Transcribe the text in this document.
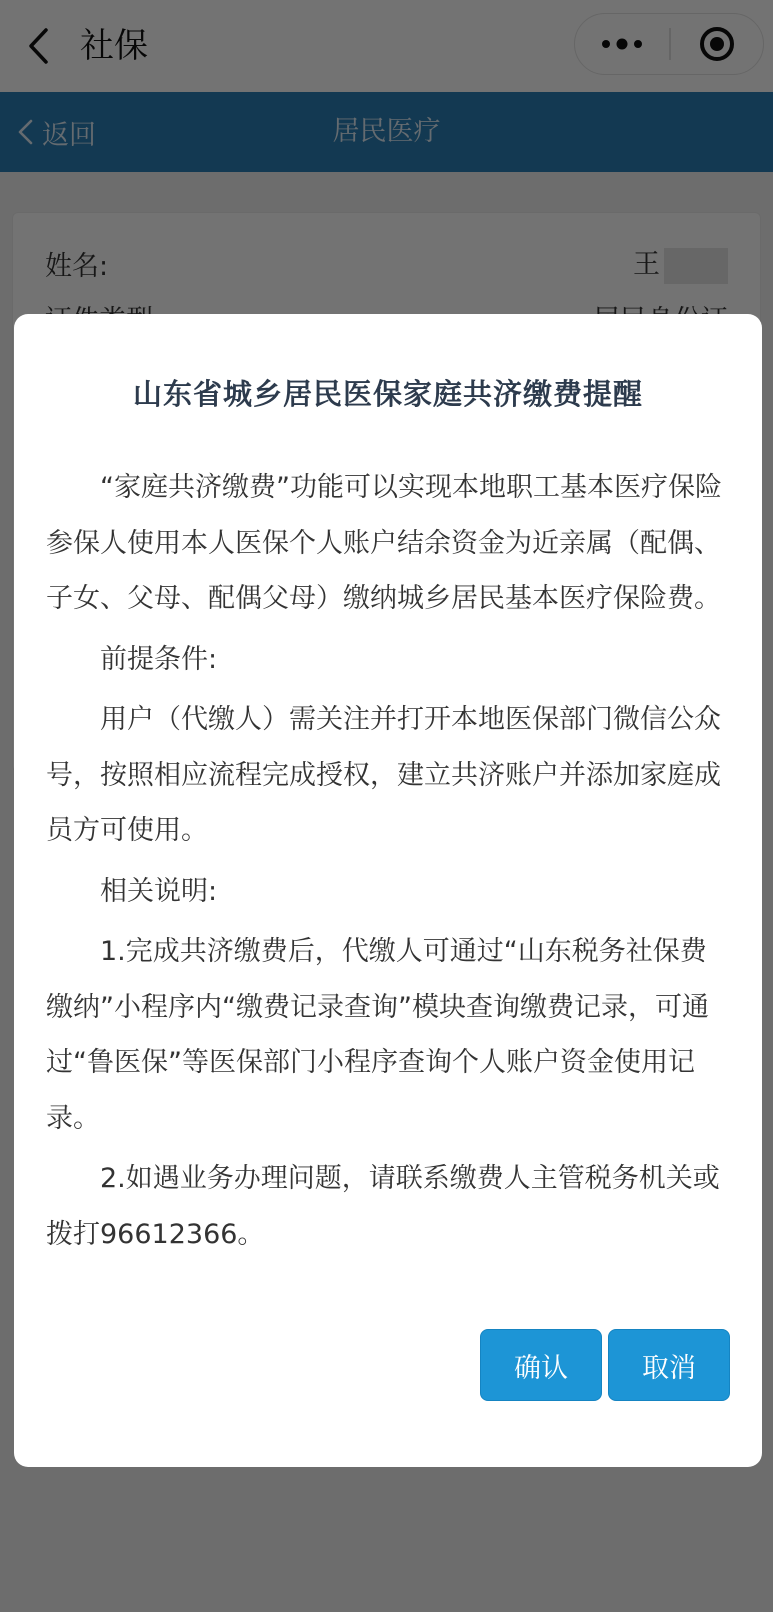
山东省城乡居民医保家庭共济缴费提醒

“家庭共济缴费”功能可以实现本地职工基本医疗保险参保人使用本人医保个人账户结余资金为近亲属（配偶、子女、父母、配偶父母）缴纳城乡居民基本医疗保险费。

前提条件:

用户（代缴人）需关注并打开本地医保部门微信公众号，按照相应流程完成授权，建立共济账户并添加家庭成员方可使用。

相关说明:

1.完成共济缴费后，代缴人可通过“山东税务社保费缴纳”小程序内“缴费记录查询”模块查询缴费记录，可通过“鲁医保”等医保部门小程序查询个人账户资金使用记录。

2.如遇业务办理问题，请联系缴费人主管税务机关或拨打96612366。

确认	取消
